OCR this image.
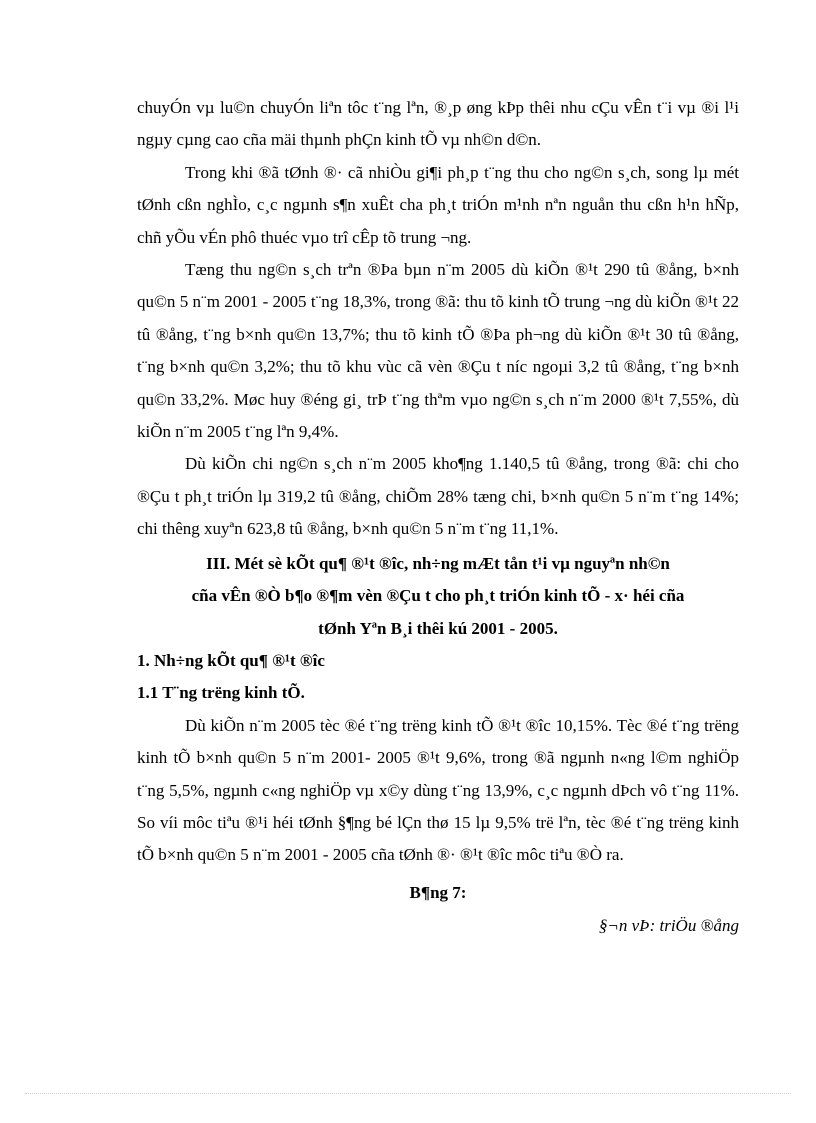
chuyÓn vµ lu©n chuyÓn liªn tôc t¨ng lªn, ®¸p øng kÞp thêi nhu cÇu vÊn t¨i vµ ®i l¹i ngµy cµng cao cña mäi thµnh phÇn kinh tÕ vµ nh©n d©n.

Trong khi ®ã tØnh ®· cã nhiÒu gi¶i ph¸p t¨ng thu cho ng©n s¸ch, song lµ mét tØnh cßn nghÌo, c¸c ngµnh s¶n xuÊt cha ph¸t triÓn m¹nh nªn nguån thu cßn h¹n hÑp, chñ yÕu vÉn phô thuéc vµo trî cÊp tõ trung ¬ng.

Tæng thu ng©n s¸ch trªn ®Þa bµn n¨m 2005 dù kiÕn ®¹t 290 tû ®ång, b×nh qu©n 5 n¨m 2001 - 2005 t¨ng 18,3%, trong ®ã: thu tõ kinh tÕ trung ¬ng dù kiÕn ®¹t 22 tû ®ång, t¨ng b×nh qu©n 13,7%; thu tõ kinh tÕ ®Þa ph¬ng dù kiÕn ®¹t 30 tû ®ång, t¨ng b×nh qu©n 3,2%; thu tõ khu vùc cã vèn ®Çu t níc ngoµi 3,2 tû ®ång, t¨ng b×nh qu©n 33,2%. Møc huy ®éng gi¸ trÞ t¨ng thªm vµo ng©n s¸ch n¨m 2000 ®¹t 7,55%, dù kiÕn n¨m 2005 t¨ng lªn 9,4%.

Dù kiÕn chi ng©n s¸ch n¨m 2005 kho¶ng 1.140,5 tû ®ång, trong ®ã: chi cho ®Çu t ph¸t triÓn lµ 319,2 tû ®ång, chiÕm 28% tæng chi, b×nh qu©n 5 n¨m t¨ng 14%; chi thêng xuyªn 623,8 tû ®ång, b×nh qu©n 5 n¨m t¨ng 11,1%.

III. Mét sè kÕt qu¶ ®¹t ®îc, nh÷ng mÆt tån t¹i vµ nguyªn nh©n

cña vÊn ®Ò b¶o ®¶m vèn ®Çu t cho ph¸t triÓn kinh tÕ - x· héi cña

tØnh Yªn B¸i thêi kú 2001 - 2005.

1. Nh÷ng kÕt qu¶ ®¹t ®îc

1.1 T¨ng trëng kinh tÕ.

Dù kiÕn n¨m 2005 tèc ®é t¨ng trëng kinh tÕ ®¹t ®îc 10,15%. Tèc ®é t¨ng trëng kinh tÕ b×nh qu©n 5 n¨m 2001- 2005 ®¹t 9,6%, trong ®ã ngµnh n«ng l©m nghiÖp t¨ng 5,5%, ngµnh c«ng nghiÖp vµ x©y dùng t¨ng 13,9%, c¸c ngµnh dÞch vô t¨ng 11%. So víi môc tiªu ®¹i héi tØnh §¶ng bé lÇn thø 15 lµ 9,5% trë lªn, tèc ®é t¨ng trëng kinh tÕ b×nh qu©n 5 n¨m 2001 - 2005 cña tØnh ®· ®¹t ®îc môc tiªu ®Ò ra.

B¶ng 7:
§¬n vÞ: triÖu ®ång
